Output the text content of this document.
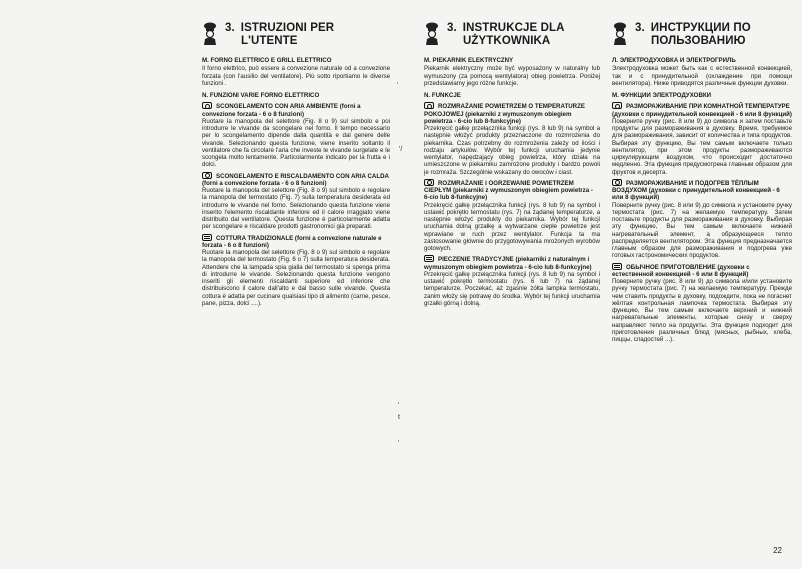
'
'/
'
t
'
3. ISTRUZIONI PER
L'UTENTE
M. FORNO ELETTRICO E GRILL ELETTRICO

Il forno elettrico, può essere a convezione naturale od a convezione forzata (con l'ausilio del ventilatore). Più sotto riportiamo le diverse funzioni .

N. FUNZIONI VARIE FORNO ELETTRICO
SCONGELAMENTO CON ARIA AMBIENTE (forni a convezione forzata - 6 o 8 funzioni)

Ruotare la manopola del selettore (Fig. 8 o 9) sul simbolo e poi introdurre le vivande da scongelare nel forno. Il tempo necessario per lo scongelamento dipende dalla quantità e dal genere delle vivande. Selezionando questa funzione, viene inserito soltanto il ventilatore che fa circolare l'aria che investe le vivande surgelate e le scongela molto lentamente. Particolarmente indicato per la frutta e i dolci.

SCONGELAMENTO E RISCALDAMENTO CON ARIA CALDA (forni a convezione forzata - 6 o 8 funzioni)

Ruotare la manopola del selettore (Fig. 8 o 9) sul simbolo e regolare la manopola del termostato (Fig. 7) sulla temperatura desiderata ed introdurre le vivande nel forno. Selezionando questa funzione viene inserito l'elemento riscaldante inferiore ed il calore irraggiato viene distribuito dal ventilatore. Questa funzione è particolarmente adatta per scongelare e riscaldare prodotti gastronomici già preparati.

COTTURA TRADIZIONALE (forni a convezione naturale e forzata - 6 o 8 funzioni)

Ruotare la manopola del selettore (Fig. 8 o 9) sul simbolo e regolare la manopola del termostato (Fig. 6 o 7) sulla temperatura desiderata. Attendere che la lampada spia gialla del termostato si spenga prima di introdurre le vivande. Selezionando questa funzione vengono inseriti gli elementi riscaldanti superiore ed inferiore che distribuiscono il calore dall'alto e dal basso sulle vivande. Questa cottura è adatta per cucinare qualsiasi tipo di alimento (carne, pesce, pane, pizza, dolci ....).

3. INSTRUKCJE DLA
UŻYTKOWNIKA
M. PIEKARNIK ELEKTRYCZNY

Piekarnik elektryczny może być wyposażony w naturalny lub wymuszony (za pomocą wentylatora) obieg powietrza. Poniżej przedstawiamy jego różne funkcje.

N. FUNKCJE
ROZMRAŻANIE POWIETRZEM O TEMPERATURZE POKOJOWEJ (piekarniki z wymuszonym obiegiem powietrza - 6-cio lub 8-funkcyjne)

Przekręcić gałkę przełącznika funkcji (rys. 8 lub 9) na symbol a następnie włożyć produkty przeznaczone do rozmrożenia do piekarnika. Czas potrzebny do rozmrożenia zależy od ilości i rodzaju artykułów. Wybór tej funkcji uruchamia jedynie wentylator, napędzający obieg powietrza, który działa na umieszczone w piekarniku zamrożone produkty i bardzo powoli je rozmraża. Szczególnie wskazany do owoców i ciast.

ROZMRAŻANIE I OGRZEWANIE POWIETRZEM CIEPŁYM (piekarniki z wymuszonym obiegiem powietrza - 6-cio lub 8-funkcyjne)

Przekręcić gałkę przełącznika funkcji (rys. 8 lub 9) na symbol i ustawić pokrętło termostatu (rys. 7) na żądanej temperaturze, a następnie włożyć produkty do piekarnika. Wybór tej funkcji uruchamia dolną grzałkę a wytwarzane ciepłe powietrze jest wprawiane w ruch przez wentylator. Funkcja ta ma zastosowanie głównie do przygotowywania mrożonych wyrobów gotowych.

PIECZENIE TRADYCYJNE (piekarniki z naturalnym i wymuszonym obiegiem powietrza - 6-cio lub 8-funkcyjne)

Przekręcić gałkę przełącznika funkcji (rys. 8 lub 9) na symbol i ustawić pokrętło termostatu (rys. 6 lub 7) na żądanej temperaturze. Poczekać, aż zgaśnie żółta lampka termostatu, zanim włoży się potrawę do środka. Wybór tej funkcji uruchamia grzałki górną i dolną.

3. ИНСТРУКЦИИ ПО
ПОЛЬЗОВАНИЮ
Л. ЭЛЕКТРОДУХОВКА И ЭЛЕКТРОГРИЛЬ

Электродуховка может быть как с естественной конвекцией, так и с принудительной (охлаждение при помощи вентилятора). Ниже приводятся различные функции духовки.

М. ФУНКЦИИ ЭЛЕКТРОДУХОВКИ
РАЗМОРАЖИВАНИЕ ПРИ КОМНАТНОЙ ТЕМПЕРАТУРЕ (духовки с принудительной конвекцией - 6 или 8 функций)

Поверните ручку (рис. 8 или 9) до символа и затем поставьте продукты для размораживания в духовку. Время, требуемое для размораживания, зависит от количества и типа продуктов. Выбирая эту функцию, Вы тем самым включаете только вентилятор, при этом продукты размораживаются циркулирующим воздухом, что происходит достаточно медленно. Эта функция предусмотрена главным образом для фруктов и десерта.

РАЗМОРАЖИВАНИЕ И ПОДОГРЕВ ТЁПЛЫМ ВОЗДУХОМ (духовки с принудительной конвекцией - 6 или 8 функций)

Поверните ручку (рис. 8 или 9) до символа и установите ручку термостата (рис. 7) на желаемую температуру. Затем поставьте продукты для размораживания в духовку. Выбирая эту функцию, Вы тем самым включаете нижний нагревательный элемент, а образующееся тепло распределяется вентилятором. Эта функция предназначается главным образом для размораживания и подогрева уже готовых гастрономических продуктов.

ОБЫЧНОЕ ПРИГОТОВЛЕНИЕ (духовки с естественной конвекцией - 6 или 8 функций)

Поверните ручку (рис. 8 или 9) до символа и/или установите ручку термостата (рис. 7) на желаемую температуру. Прежде чем ставить продукты в духовку, подождите, пока не погаснет жёлтая контрольная лампочка термостата. Выбирая эту функцию, Вы тем самым включаете верхний и нижний нагревательные элементы, которые снизу и сверху направляют тепло на продукты. Эта функция подходит для приготовления различных блюд (мясных, рыбных, хлеба, пиццы, сладостей ...).

22
